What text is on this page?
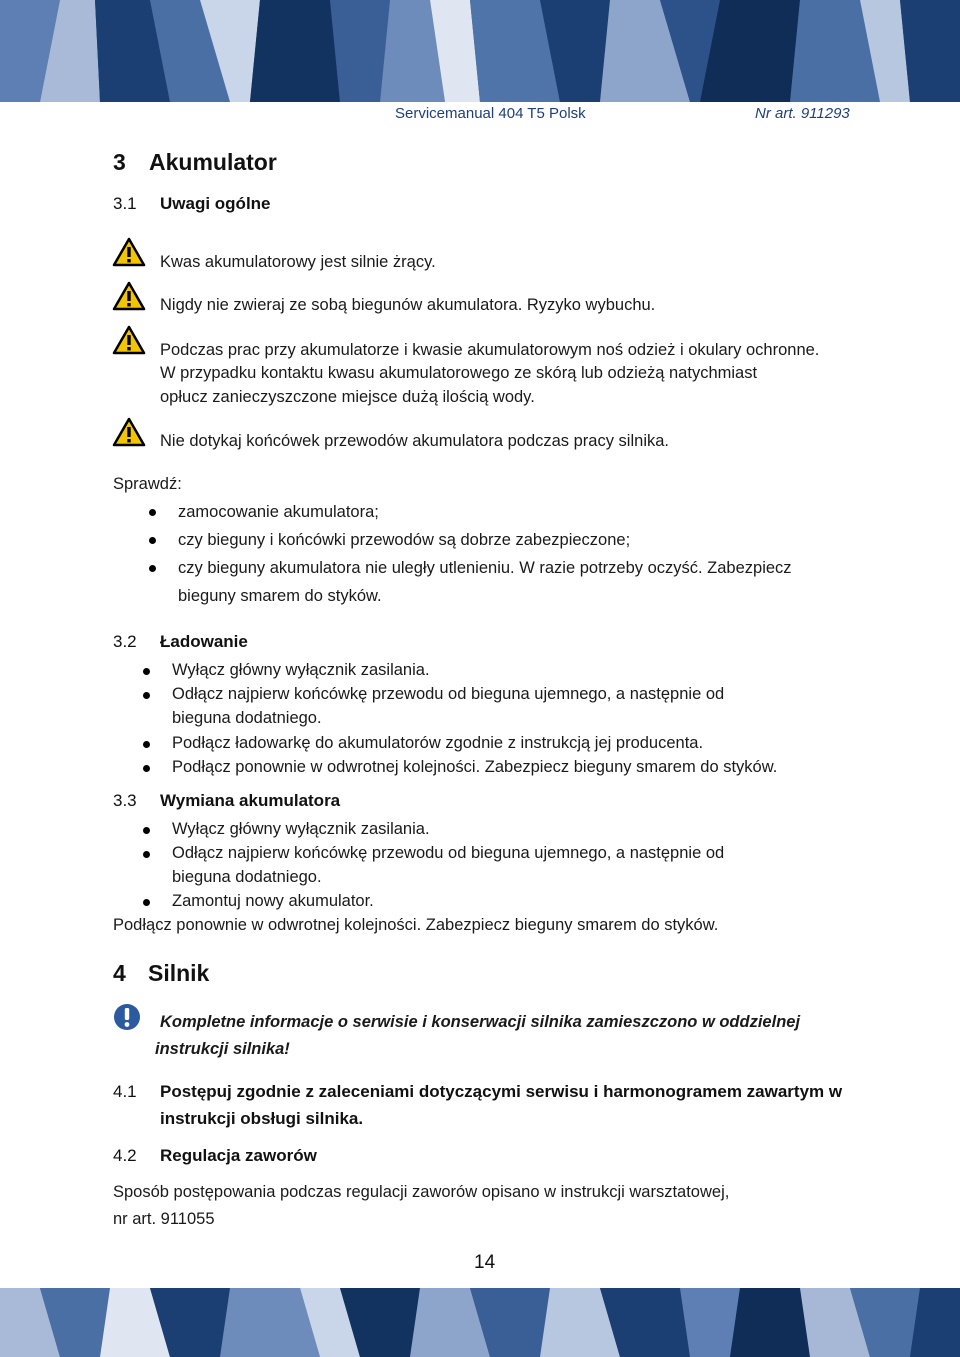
Servicemanual 404 T5 Polsk	Nr art. 911293
3 Akumulator
3.1 Uwagi ogólne
Kwas akumulatorowy jest silnie żrący.
Nigdy nie zwieraj ze sobą biegunów akumulatora. Ryzyko wybuchu.
Podczas prac przy akumulatorze i kwasie akumulatorowym noś odzież i okulary ochronne.
W przypadku kontaktu kwasu akumulatorowego ze skórą lub odzieżą natychmiast
opłucz zanieczyszczone miejsce dużą ilością wody.
Nie dotykaj końcówek przewodów akumulatora podczas pracy silnika.
Sprawdź:
zamocowanie akumulatora;
czy bieguny i końcówki przewodów są dobrze zabezpieczone;
czy bieguny akumulatora nie uległy utlenieniu. W razie potrzeby oczyść. Zabezpiecz
bieguny smarem do styków.
3.2 Ładowanie
Wyłącz główny wyłącznik zasilania.
Odłącz najpierw końcówkę przewodu od bieguna ujemnego, a następnie od
bieguna dodatniego.
Podłącz ładowarkę do akumulatorów zgodnie z instrukcją jej producenta.
Podłącz ponownie w odwrotnej kolejności. Zabezpiecz bieguny smarem do styków.
3.3 Wymiana akumulatora
Wyłącz główny wyłącznik zasilania.
Odłącz najpierw końcówkę przewodu od bieguna ujemnego, a następnie od
bieguna dodatniego.
Zamontuj nowy akumulator.
Podłącz ponownie w odwrotnej kolejności. Zabezpiecz bieguny smarem do styków.
4 Silnik
Kompletne informacje o serwisie i konserwacji silnika zamieszczono w oddzielnej
instrukcji silnika!
4.1 Postępuj zgodnie z zaleceniami dotyczącymi serwisu i harmonogramem zawartym w
instrukcji obsługi silnika.
4.2 Regulacja zaworów
Sposób postępowania podczas regulacji zaworów opisano w instrukcji warsztatowej,
nr art. 911055
14
